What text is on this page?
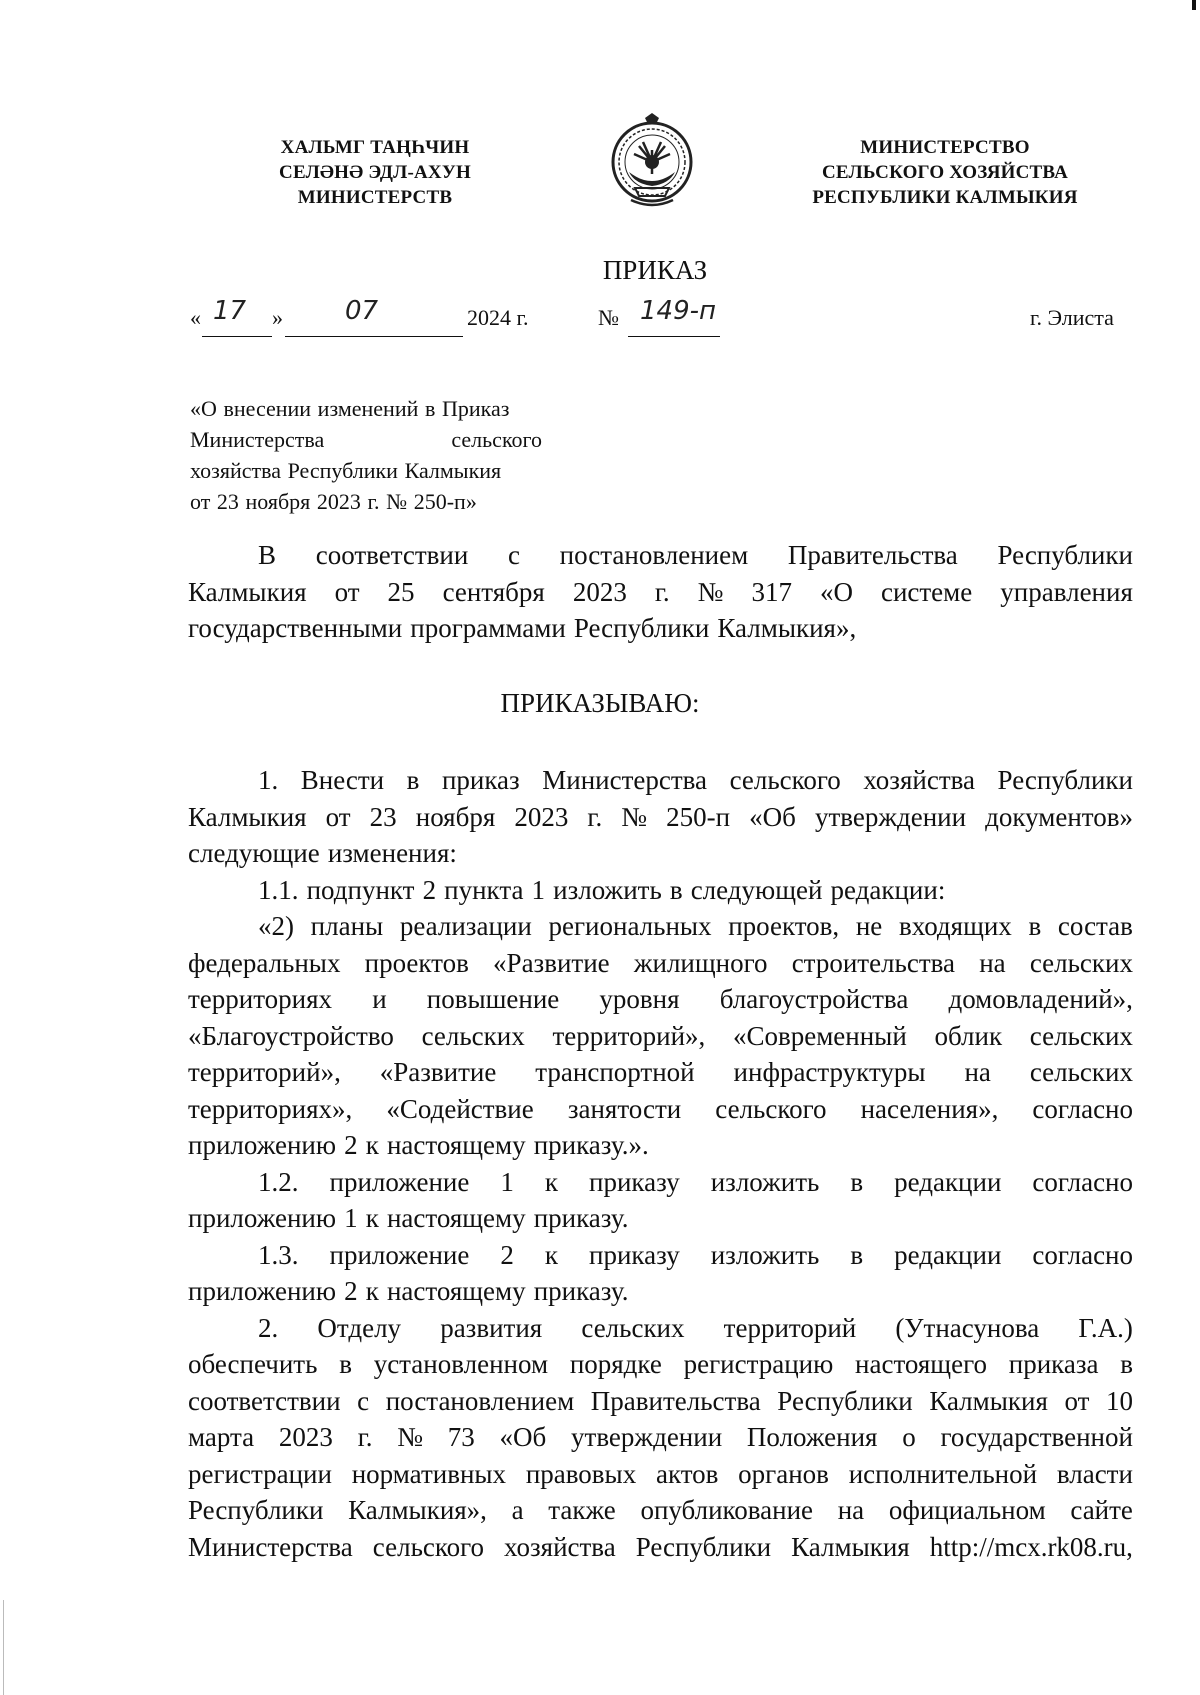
ХАЛЬМГ ТАҢҺЧИН
СЕЛӘНӘ ЭДЛ-АХУН
МИНИСТЕРСТВ
МИНИСТЕРСТВО
СЕЛЬСКОГО ХОЗЯЙСТВА
РЕСПУБЛИКИ КАЛМЫКИЯ
ПРИКАЗ
« 17 » 07	2024 г.	№ 149-п	г. Элиста
«О внесении изменений в Приказ
Министерства	сельского
хозяйства Республики Калмыкия
от 23 ноября 2023 г. № 250-п»
В соответствии с постановлением Правительства Республики
Калмыкия от 25 сентября 2023 г. № 317 «О системе управления
государственными программами Республики Калмыкия»,
ПРИКАЗЫВАЮ:
1. Внести в приказ Министерства сельского хозяйства Республики
Калмыкия от 23 ноября 2023 г. № 250-п «Об утверждении документов»
следующие изменения:
1.1. подпункт 2 пункта 1 изложить в следующей редакции:
«2) планы реализации региональных проектов, не входящих в состав
федеральных проектов «Развитие жилищного строительства на сельских
территориях и повышение уровня благоустройства домовладений»,
«Благоустройство сельских территорий», «Современный облик сельских
территорий», «Развитие транспортной инфраструктуры на сельских
территориях», «Содействие занятости сельского населения», согласно
приложению 2 к настоящему приказу.».
1.2. приложение 1 к приказу изложить в редакции согласно
приложению 1 к настоящему приказу.
1.3. приложение 2 к приказу изложить в редакции согласно
приложению 2 к настоящему приказу.
2. Отделу развития сельских территорий (Утнасунова Г.А.)
обеспечить в установленном порядке регистрацию настоящего приказа в
соответствии с постановлением Правительства Республики Калмыкия от 10
марта 2023 г. № 73 «Об утверждении Положения о государственной
регистрации нормативных правовых актов органов исполнительной власти
Республики Калмыкия», а также опубликование на официальном сайте
Министерства сельского хозяйства Республики Калмыкия http://mcx.rk08.ru,
